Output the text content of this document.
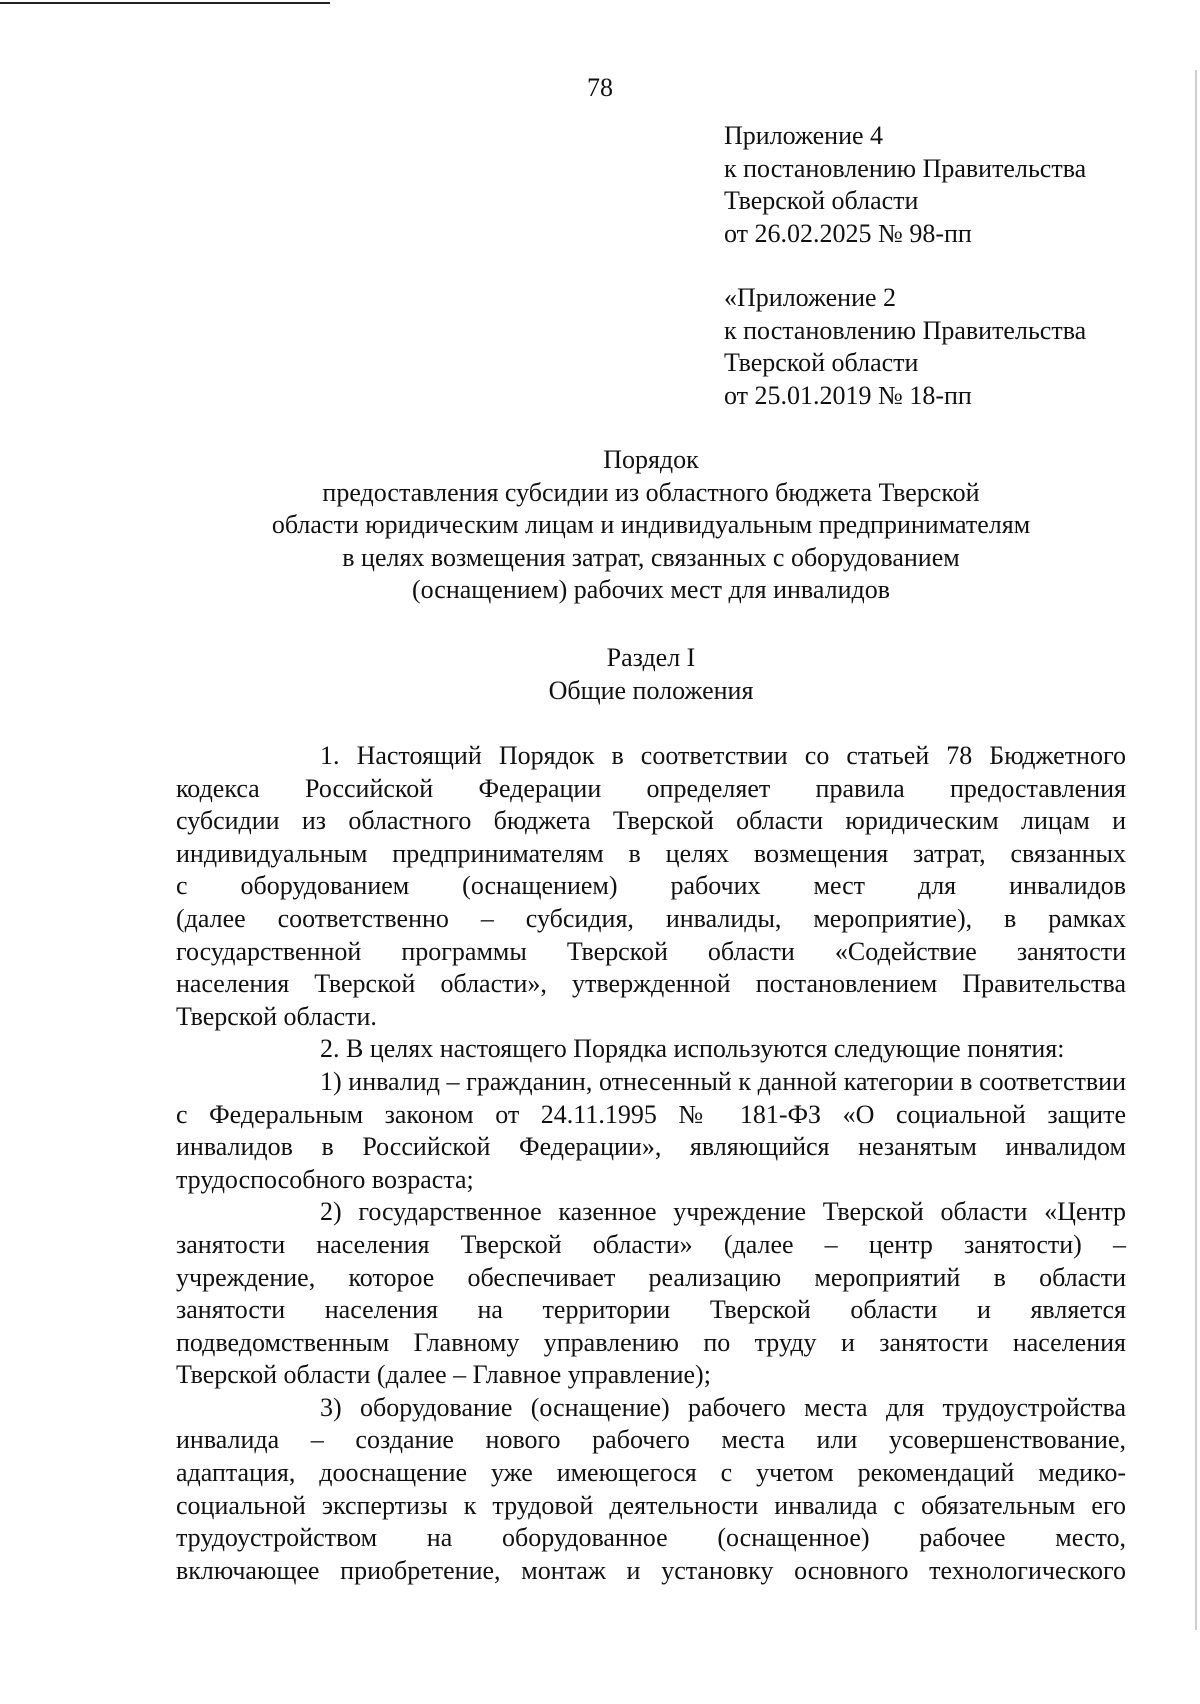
78
Приложение 4
к постановлению Правительства
Тверской области
от 26.02.2025 № 98-пп
«Приложение 2
к постановлению Правительства
Тверской области
от 25.01.2019 № 18-пп
Порядок
предоставления субсидии из областного бюджета Тверской
области юридическим лицам и индивидуальным предпринимателям
в целях возмещения затрат, связанных с оборудованием
(оснащением) рабочих мест для инвалидов
Раздел I
Общие положения
1. Настоящий Порядок в соответствии со статьей 78 Бюджетного
кодекса Российской Федерации определяет правила предоставления
субсидии из областного бюджета Тверской области юридическим лицам и
индивидуальным предпринимателям в целях возмещения затрат, связанных
с оборудованием (оснащением) рабочих мест для инвалидов
(далее соответственно – субсидия, инвалиды, мероприятие), в рамках
государственной программы Тверской области «Содействие занятости
населения Тверской области», утвержденной постановлением Правительства
Тверской области.
2. В целях настоящего Порядка используются следующие понятия:
1) инвалид – гражданин, отнесенный к данной категории в соответствии
с Федеральным законом от 24.11.1995 № 181-ФЗ «О социальной защите
инвалидов в Российской Федерации», являющийся незанятым инвалидом
трудоспособного возраста;
2) государственное казенное учреждение Тверской области «Центр
занятости населения Тверской области» (далее – центр занятости) –
учреждение, которое обеспечивает реализацию мероприятий в области
занятости населения на территории Тверской области и является
подведомственным Главному управлению по труду и занятости населения
Тверской области (далее – Главное управление);
3) оборудование (оснащение) рабочего места для трудоустройства
инвалида – создание нового рабочего места или усовершенствование,
адаптация, дооснащение уже имеющегося с учетом рекомендаций медико-
социальной экспертизы к трудовой деятельности инвалида с обязательным его
трудоустройством на оборудованное (оснащенное) рабочее место,
включающее приобретение, монтаж и установку основного технологического
